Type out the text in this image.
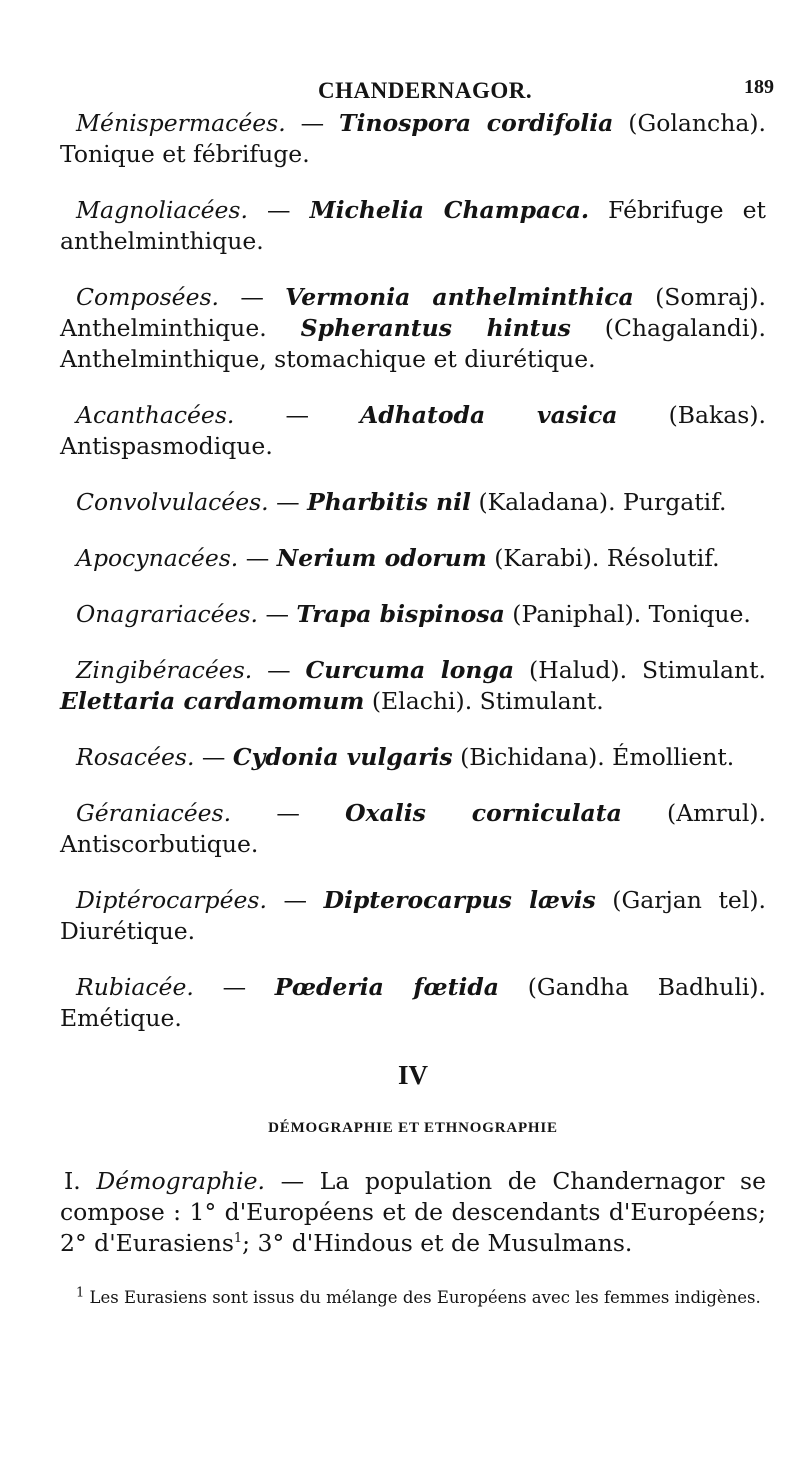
CHANDERNAGOR.	189

Ménispermacées. — Tinospora cordifolia (Golancha). Tonique et fébrifuge.

Magnoliacées. — Michelia Champaca. Fébrifuge et anthelminthique.

Composées. — Vermonia anthelminthica (Somraj). Anthelminthique. Spherantus hintus (Chagalandi). Anthelminthique, stomachique et diurétique.

Acanthacées. — Adhatoda vasica (Bakas). Antispasmodique.

Convolvulacées. — Pharbitis nil (Kaladana). Purgatif.

Apocynacées. — Nerium odorum (Karabi). Résolutif.

Onagrariacées. — Trapa bispinosa (Paniphal). Tonique.

Zingibéracées. — Curcuma longa (Halud). Stimulant. Elettaria cardamomum (Elachi). Stimulant.

Rosacées. — Cydonia vulgaris (Bichidana). Émollient.

Géraniacées. — Oxalis corniculata (Amrul). Antiscorbutique.

Diptérocarpées. — Dipterocarpus lævis (Garjan tel). Diurétique.

Rubiacée. — Pœderia fœtida (Gandha Badhuli). Emétique.

IV
DÉMOGRAPHIE ET ETHNOGRAPHIE

I. Démographie. — La population de Chandernagor se compose : 1° d'Européens et de descendants d'Européens; 2° d'Eurasiens$^1$; 3° d'Hindous et de Musulmans.

$^1$ Les Eurasiens sont issus du mélange des Européens avec les femmes indigènes.
